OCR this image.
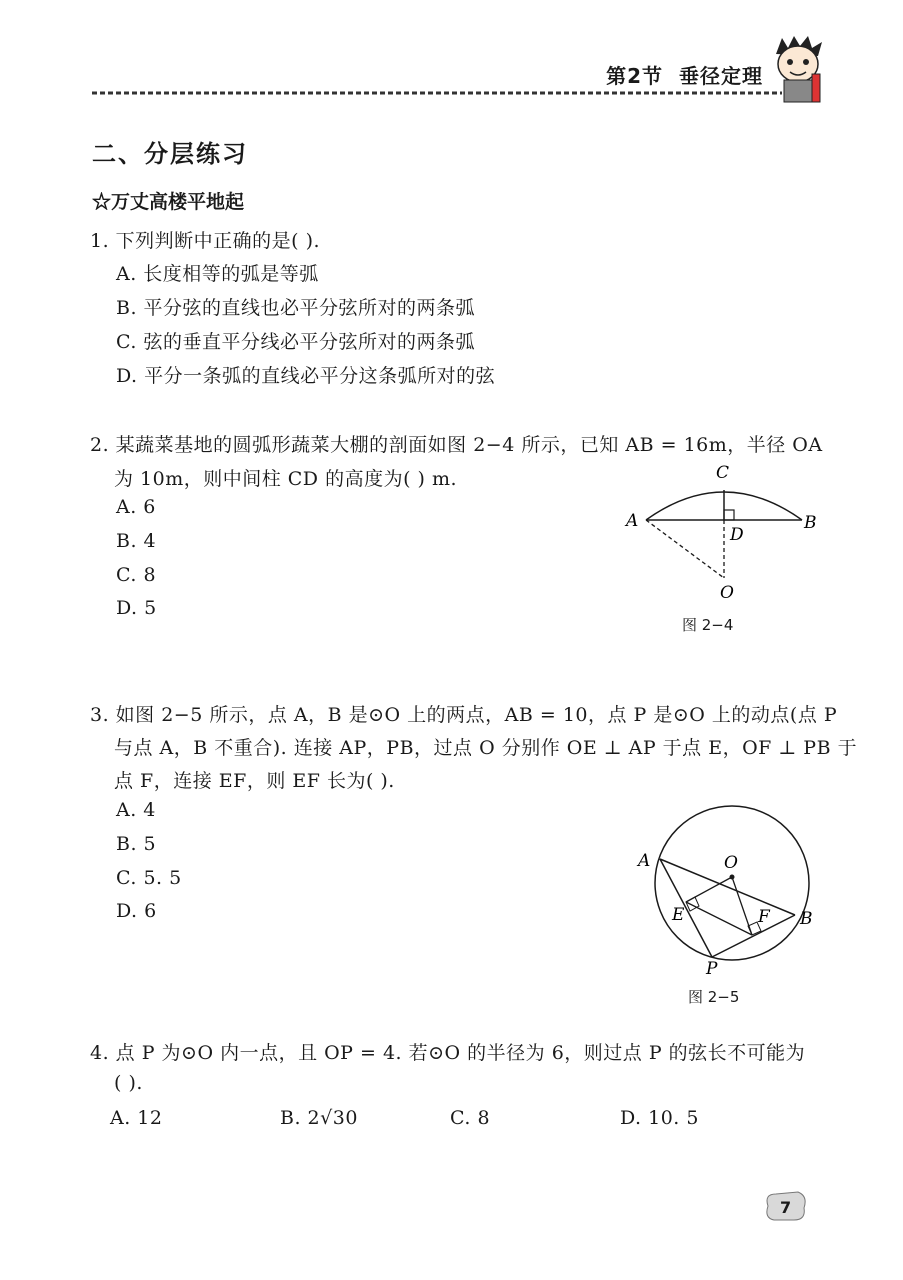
第2节 垂径定理
二、分层练习
☆万丈高楼平地起
1. 下列判断中正确的是( ).
A. 长度相等的弧是等弧
B. 平分弦的直线也必平分弦所对的两条弧
C. 弦的垂直平分线必平分弦所对的两条弧
D. 平分一条弧的直线必平分这条弧所对的弦
2. 某蔬菜基地的圆弧形蔬菜大棚的剖面如图 2−4 所示，已知 AB = 16m，半径 OA
为 10m，则中间柱 CD 的高度为( ) m.
A. 6
B. 4
C. 8
D. 5
A	B
C
D
O
图 2−4
3. 如图 2−5 所示，点 A，B 是⊙O 上的两点，AB = 10，点 P 是⊙O 上的动点(点 P
与点 A，B 不重合). 连接 AP，PB，过点 O 分别作 OE ⊥ AP 于点 E，OF ⊥ PB 于
点 F，连接 EF，则 EF 长为( ).
A. 4
B. 5
C. 5. 5
D. 6
A
B
O
E	F
P
图 2−5
4. 点 P 为⊙O 内一点，且 OP = 4. 若⊙O 的半径为 6，则过点 P 的弦长不可能为
( ).
A. 12	B. 2√30	C. 8	D. 10. 5
7
